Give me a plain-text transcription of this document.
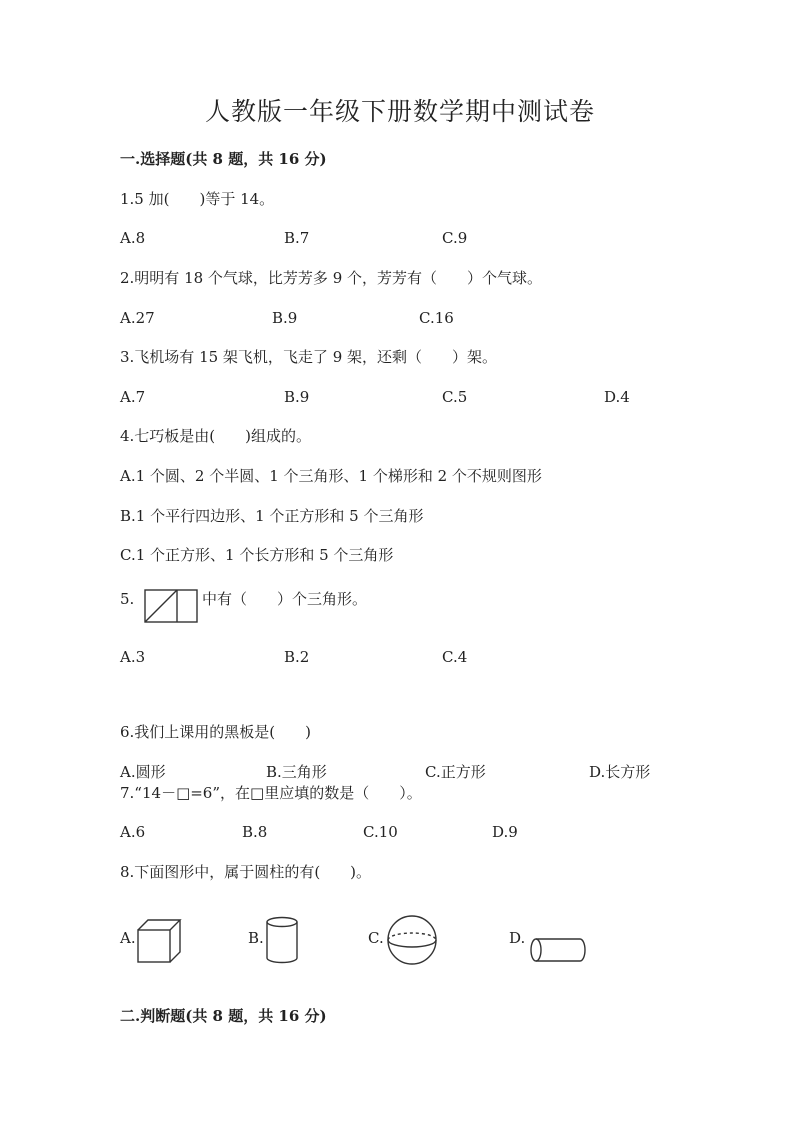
人教版一年级下册数学期中测试卷
一.选择题(共 8 题，共 16 分)
1.5 加(　　)等于 14。
A.8	B.7	C.9
2.明明有 18 个气球，比芳芳多 9 个，芳芳有（　　）个气球。
A.27	B.9	C.16
3.飞机场有 15 架飞机，飞走了 9 架，还剩（　　）架。
A.7	B.9	C.5	D.4
4.七巧板是由(　　)组成的。
A.1 个圆、2 个半圆、1 个三角形、1 个梯形和 2 个不规则图形
B.1 个平行四边形、1 个正方形和 5 个三角形
C.1 个正方形、1 个长方形和 5 个三角形
5.	中有（　　）个三角形。
A.3	B.2	C.4
6.我们上课用的黑板是(　　)
A.圆形	B.三角形	C.正方形	D.长方形
7.“14－□=6”，在□里应填的数是（　　）。
A.6	B.8	C.10	D.9
8.下面图形中，属于圆柱的有(　　)。
A.	B.	C.	D.
二.判断题(共 8 题，共 16 分)
